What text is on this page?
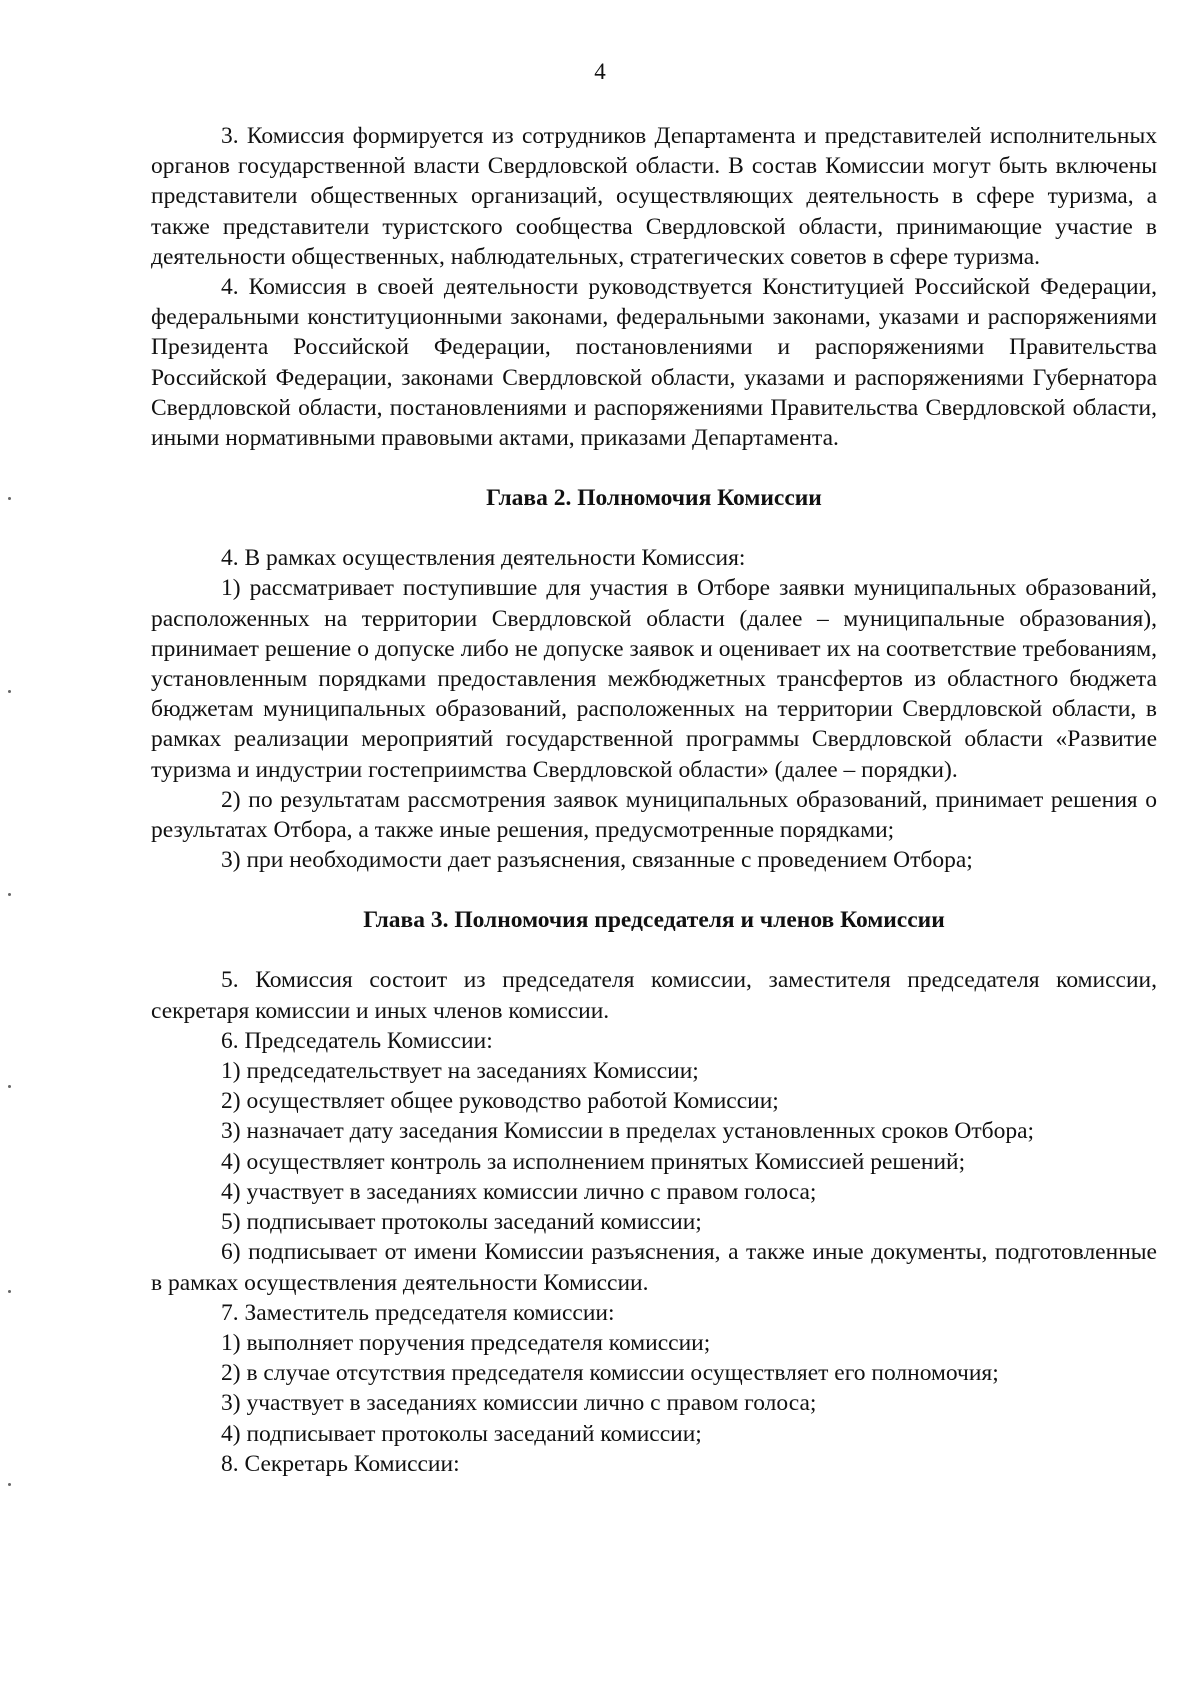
4

3. Комиссия формируется из сотрудников Департамента и представителей исполнительных органов государственной власти Свердловской области. В состав Комиссии могут быть включены представители общественных организаций, осуществляющих деятельность в сфере туризма, а также представители туристского сообщества Свердловской области, принимающие участие в деятельности общественных, наблюдательных, стратегических советов в сфере туризма.

4. Комиссия в своей деятельности руководствуется Конституцией Российской Федерации, федеральными конституционными законами, федеральными законами, указами и распоряжениями Президента Российской Федерации, постановлениями и распоряжениями Правительства Российской Федерации, законами Свердловской области, указами и распоряжениями Губернатора Свердловской области, постановлениями и распоряжениями Правительства Свердловской области, иными нормативными правовыми актами, приказами Департамента.

Глава 2. Полномочия Комиссии

4. В рамках осуществления деятельности Комиссия:

1) рассматривает поступившие для участия в Отборе заявки муниципальных образований, расположенных на территории Свердловской области (далее – муниципальные образования), принимает решение о допуске либо не допуске заявок и оценивает их на соответствие требованиям, установленным порядками предоставления межбюджетных трансфертов из областного бюджета бюджетам муниципальных образований, расположенных на территории Свердловской области, в рамках реализации мероприятий государственной программы Свердловской области «Развитие туризма и индустрии гостеприимства Свердловской области» (далее – порядки).

2) по результатам рассмотрения заявок муниципальных образований, принимает решения о результатах Отбора, а также иные решения, предусмотренные порядками;

3) при необходимости дает разъяснения, связанные с проведением Отбора;

Глава 3. Полномочия председателя и членов Комиссии

5. Комиссия состоит из председателя комиссии, заместителя председателя комиссии, секретаря комиссии и иных членов комиссии.

6. Председатель Комиссии:

1) председательствует на заседаниях Комиссии;

2) осуществляет общее руководство работой Комиссии;

3) назначает дату заседания Комиссии в пределах установленных сроков Отбора;

4) осуществляет контроль за исполнением принятых Комиссией решений;

4) участвует в заседаниях комиссии лично с правом голоса;

5) подписывает протоколы заседаний комиссии;

6) подписывает от имени Комиссии разъяснения, а также иные документы, подготовленные в рамках осуществления деятельности Комиссии.

7. Заместитель председателя комиссии:

1) выполняет поручения председателя комиссии;

2) в случае отсутствия председателя комиссии осуществляет его полномочия;

3) участвует в заседаниях комиссии лично с правом голоса;

4) подписывает протоколы заседаний комиссии;

8. Секретарь Комиссии:
